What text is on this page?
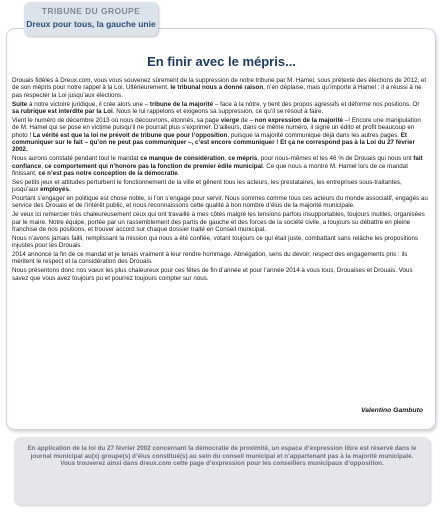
TRIBUNE DU GROUPE
Dreux pour tous, la gauche unie
En finir avec le mépris...

Drouais fidèles à Dreux.com, vous vous souvenez sûrement de la suppression de notre tribune par M. Hamel, sous prétexte des élections de 2012, et de son mépris pour notre rappel à la Loi. Ultérieurement, le tribunal nous a donné raison, n’en déplaise, mais qu’importe à Hamel : il a réussi à ne pas respecter la Loi jusqu’aux élections.

Suite à notre victoire juridique, il crée alors une – tribune de la majorité – face à la nôtre, y tient des propos agressifs et déforme nos positions. Or sa rubrique est interdite par la Loi. Nous le lui rappelons et exigeons sa suppression, ce qu’il se résout à faire.

Vient le numéro de décembre 2013 où nous découvrons, étonnés, sa page vierge de – non expression de la majorité –! Encore une manipulation de M. Hamel qui se pose en victime puisqu’il ne pourrait plus s’exprimer. D’ailleurs, dans ce même numéro, il signe un édito et profit beaucoup en photo ! La vérité est que la loi ne prévoit de tribune que pour l’opposition, puisque la majorité communique déjà dans les autres pages. Et communiquer sur le fait – qu’on ne peut pas communiquer –, c’est encore communiquer ! Et ça ne correspond pas à la Loi du 27 février 2002.

Nous aurons constaté pendant tout le mandat ce manque de considération, ce mépris, pour nous-mêmes et les 46 % de Drouais qui nous ont fait confiance, ce comportement qui n’honore pas la fonction de premier édile municipal. Ce que nous a montré M. Hamel lors de ce mandat finissant, ce n’est pas notre conception de la démocratie.

Ses petits jeux et attitudes perturbent le fonctionnement de la ville et gênent tous les acteurs, les prestataires, les entreprises sous-traitantes, jusqu’aux employés.

Pourtant s’engager en politique est chose noble, si l’on s’engage pour servir. Nous sommes comme tous ces acteurs du monde associatif, engagés au service des Drouais et de l’intérêt public, et nous reconnaissons cette qualité à bon nombre d’élus de la majorité municipale.

Je veux ici remercier très chaleureusement ceux qui ont travaillé à mes côtés malgré les tensions parfois insupportables, toujours inutiles, organisées par le maire. Notre équipe, portée par un rassemblement des partis de gauche et des forces de la société civile, a toujours su débattre en pleine franchise de nos positions, et trouver accord sur chaque dossier traité en Conseil municipal.

Nous n’avons jamais failli, remplissant la mission qui nous a été confiée, votant toujours ce qui était juste, combattant sans relâche les propositions injustes pour les Drouais.

2014 annonce la fin de ce mandat et je tenais vraiment à leur rendre hommage. Abnégation, sens du devoir, respect des engagements pris : ils méritent le respect et la considération des Drouais.

Nous présentons donc nos vœux les plus chaleureux pour ces fêtes de fin d’année et pour l’année 2014 à vous tous, Drouaises et Drouais. Vous savez que vous avez toujours pu et pourrez toujours compter sur nous.

Valentino Gambuto
En application de la loi du 27 février 2002 concernant la démocratie de proximité, un espace d’expression libre est réservé dans le journal municipal au(x) groupe(s) d’élus constitué(s) au sein du conseil municipal et n’appartenant pas à la majorité municipale. Vous trouverez ainsi dans dreux.com cette page d’expression pour les conseillers municipaux d’opposition.
